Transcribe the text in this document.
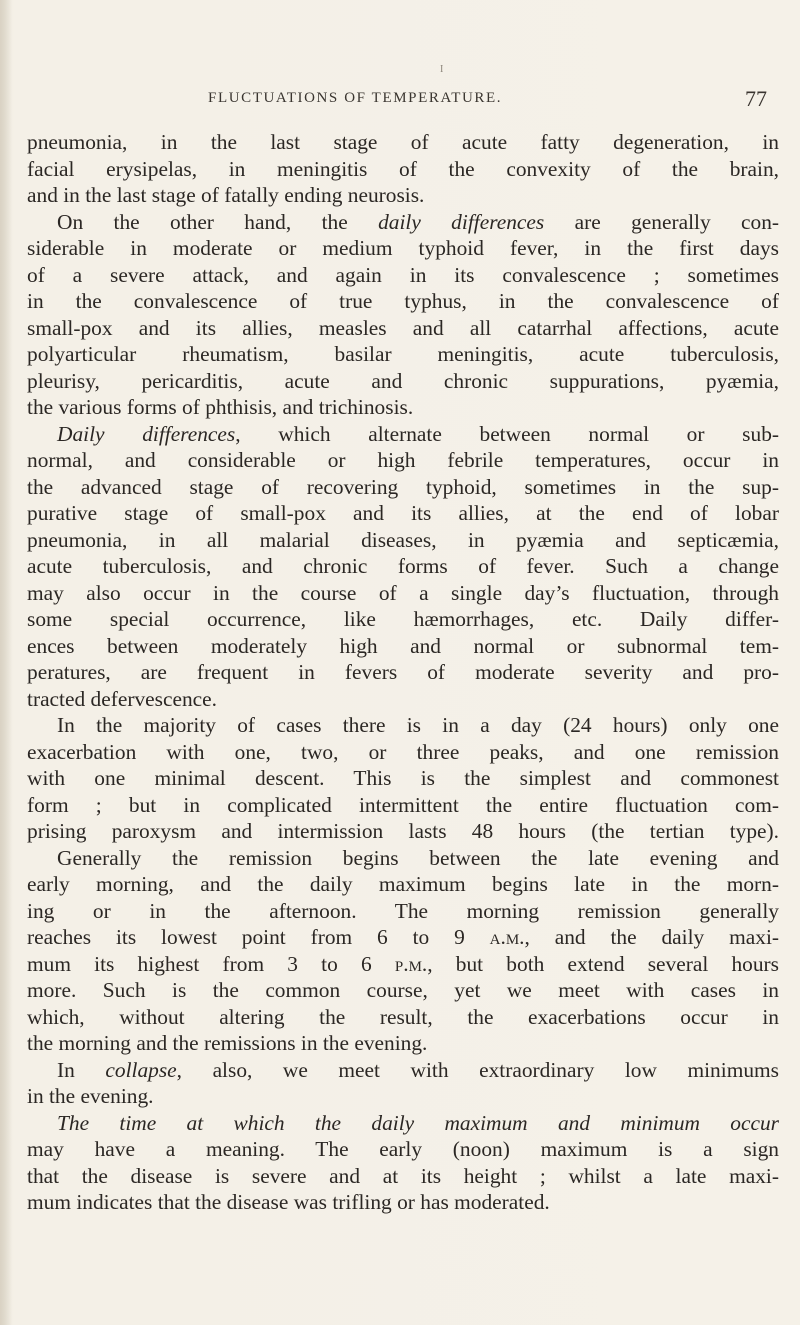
I
FLUCTUATIONS OF TEMPERATURE.	77
pneumonia, in the last stage of acute fatty degeneration, in
facial erysipelas, in meningitis of the convexity of the brain,
and in the last stage of fatally ending neurosis.
On the other hand, the daily differences are generally con-
siderable in moderate or medium typhoid fever, in the first days
of a severe attack, and again in its convalescence ; sometimes
in the convalescence of true typhus, in the convalescence of
small-pox and its allies, measles and all catarrhal affections, acute
polyarticular rheumatism, basilar meningitis, acute tuberculosis,
pleurisy, pericarditis, acute and chronic suppurations, pyæmia,
the various forms of phthisis, and trichinosis.
Daily differences, which alternate between normal or sub-
normal, and considerable or high febrile temperatures, occur in
the advanced stage of recovering typhoid, sometimes in the sup-
purative stage of small-pox and its allies, at the end of lobar
pneumonia, in all malarial diseases, in pyæmia and septicæmia,
acute tuberculosis, and chronic forms of fever. Such a change
may also occur in the course of a single day’s fluctuation, through
some special occurrence, like hæmorrhages, etc. Daily differ-
ences between moderately high and normal or subnormal tem-
peratures, are frequent in fevers of moderate severity and pro-
tracted defervescence.
In the majority of cases there is in a day (24 hours) only one
exacerbation with one, two, or three peaks, and one remission
with one minimal descent. This is the simplest and commonest
form ; but in complicated intermittent the entire fluctuation com-
prising paroxysm and intermission lasts 48 hours (the tertian type).
Generally the remission begins between the late evening and
early morning, and the daily maximum begins late in the morn-
ing or in the afternoon. The morning remission generally
reaches its lowest point from 6 to 9 a.m., and the daily maxi-
mum its highest from 3 to 6 p.m., but both extend several hours
more. Such is the common course, yet we meet with cases in
which, without altering the result, the exacerbations occur in
the morning and the remissions in the evening.
In collapse, also, we meet with extraordinary low minimums
in the evening.
The time at which the daily maximum and minimum occur
may have a meaning. The early (noon) maximum is a sign
that the disease is severe and at its height ; whilst a late maxi-
mum indicates that the disease was trifling or has moderated.
